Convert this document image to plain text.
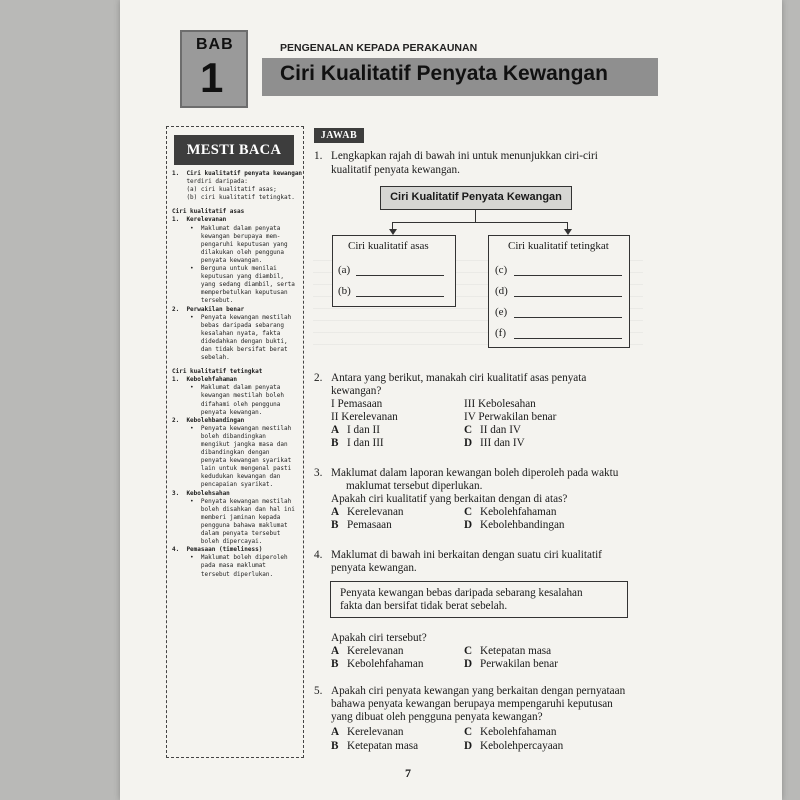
BAB
1
PENGENALAN KEPADA PERAKAUNAN
Ciri Kualitatif Penyata Kewangan
MESTI BACA
1.  Ciri kualitatif penyata kewangan
terdiri daripada:
(a) ciri kualitatif asas;
(b) ciri kualitatif tetingkat.
Ciri kualitatif asas
1.  Kerelevanan
•  Maklumat dalam penyata
kewangan berupaya mem-
pengaruhi keputusan yang
dilakukan oleh pengguna
penyata kewangan.
•  Berguna untuk menilai
keputusan yang diambil,
yang sedang diambil, serta
memperbetulkan keputusan
tersebut.
2.  Perwakilan benar
•  Penyata kewangan mestilah
bebas daripada sebarang
kesalahan nyata, fakta
didedahkan dengan bukti,
dan tidak bersifat berat
sebelah.
Ciri kualitatif tetingkat
1.  Kebolehfahaman
•  Maklumat dalam penyata
kewangan mestilah boleh
difahami oleh pengguna
penyata kewangan.
2.  Kebolehbandingan
•  Penyata kewangan mestilah
boleh dibandingkan
mengikut jangka masa dan
dibandingkan dengan
penyata kewangan syarikat
lain untuk mengenal pasti
kedudukan kewangan dan
pencapaian syarikat.
3.  Kebolehsahan
•  Penyata kewangan mestilah
boleh disahkan dan hal ini
memberi jaminan kepada
pengguna bahawa maklumat
dalam penyata tersebut
boleh dipercayai.
4.  Pemasaan (timeliness)
•  Maklumat boleh diperoleh
pada masa maklumat
tersebut diperlukan.
JAWAB
1. Lengkapkan rajah di bawah ini untuk menunjukkan ciri-ciri
kualitatif penyata kewangan.
Ciri Kualitatif Penyata Kewangan
Ciri kualitatif asas
(a)
(b)
Ciri kualitatif tetingkat
(c)
(d)
(e)
(f)
2. Antara yang berikut, manakah ciri kualitatif asas penyata
kewangan?
I Pemasaan	III Kebolesahan
II Kerelevanan	IV Perwakilan benar
A I dan II	C II dan IV
B I dan III	D III dan IV
3. Maklumat dalam laporan kewangan boleh diperoleh pada waktu
maklumat tersebut diperlukan.
Apakah ciri kualitatif yang berkaitan dengan di atas?
A Kerelevanan	C Kebolehfahaman
B Pemasaan	D Kebolehbandingan
4. Maklumat di bawah ini berkaitan dengan suatu ciri kualitatif
penyata kewangan.
Penyata kewangan bebas daripada sebarang kesalahan
fakta dan bersifat tidak berat sebelah.
Apakah ciri tersebut?
A Kerelevanan	C Ketepatan masa
B Kebolehfahaman	D Perwakilan benar
5. Apakah ciri penyata kewangan yang berkaitan dengan pernyataan
bahawa penyata kewangan berupaya mempengaruhi keputusan
yang dibuat oleh pengguna penyata kewangan?
A Kerelevanan	C Kebolehfahaman
B Ketepatan masa	D Kebolehpercayaan
7
